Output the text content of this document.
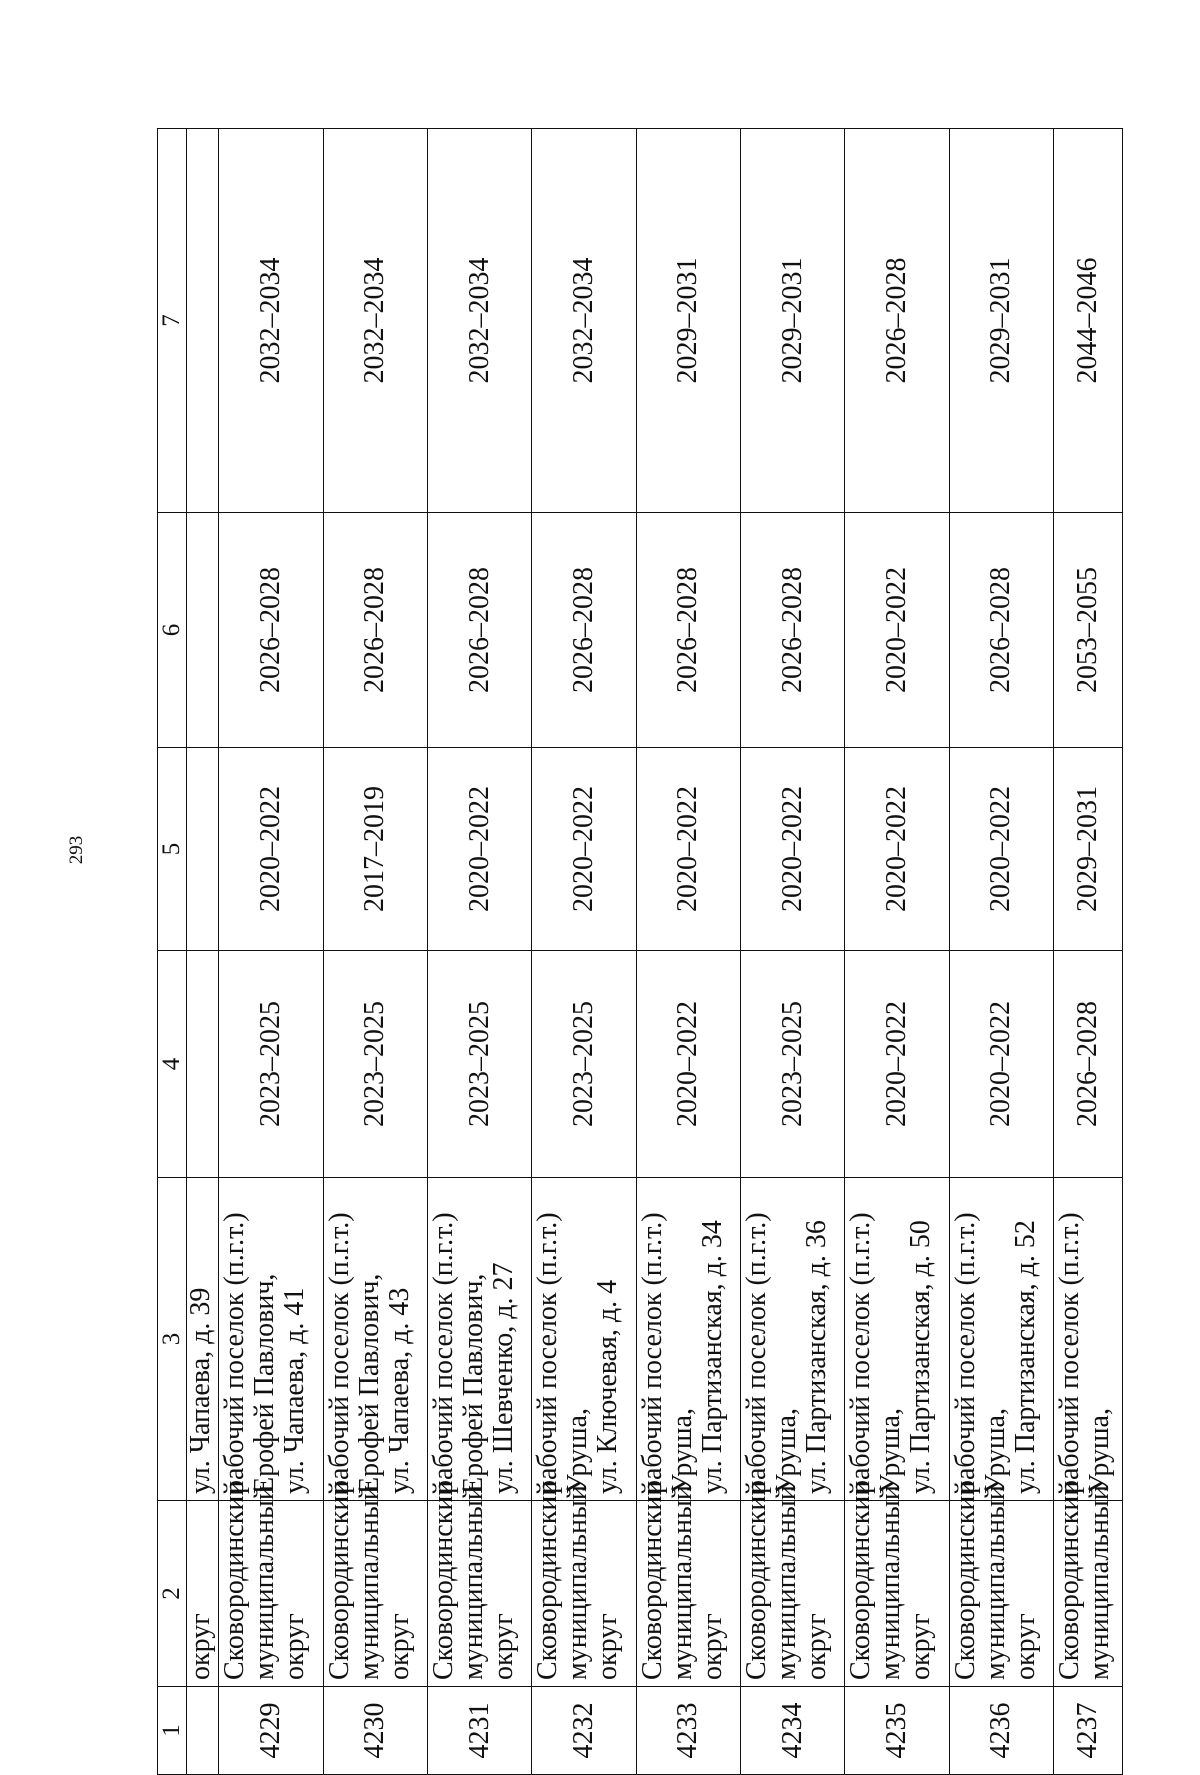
293
1	2	3	4	5	6	7
	округ	ул. Чапаева, д. 39				
4229	Сковородинский муниципальный округ	рабочий поселок (п.г.т.) Ерофей Павлович, ул. Чапаева, д. 41	2023–2025	2020–2022	2026–2028	2032–2034
4230	Сковородинский муниципальный округ	рабочий поселок (п.г.т.) Ерофей Павлович, ул. Чапаева, д. 43	2023–2025	2017–2019	2026–2028	2032–2034
4231	Сковородинский муниципальный округ	рабочий поселок (п.г.т.) Ерофей Павлович, ул. Шевченко, д. 27	2023–2025	2020–2022	2026–2028	2032–2034
4232	Сковородинский муниципальный округ	рабочий поселок (п.г.т.) Уруша, ул. Ключевая, д. 4	2023–2025	2020–2022	2026–2028	2032–2034
4233	Сковородинский муниципальный округ	рабочий поселок (п.г.т.) Уруша, ул. Партизанская, д. 34	2020–2022	2020–2022	2026–2028	2029–2031
4234	Сковородинский муниципальный округ	рабочий поселок (п.г.т.) Уруша, ул. Партизанская, д. 36	2023–2025	2020–2022	2026–2028	2029–2031
4235	Сковородинский муниципальный округ	рабочий поселок (п.г.т.) Уруша, ул. Партизанская, д. 50	2020–2022	2020–2022	2020–2022	2026–2028
4236	Сковородинский муниципальный округ	рабочий поселок (п.г.т.) Уруша, ул. Партизанская, д. 52	2020–2022	2020–2022	2026–2028	2029–2031
4237	Сковородинский муниципальный	рабочий поселок (п.г.т.) Уруша,	2026–2028	2029–2031	2053–2055	2044–2046
